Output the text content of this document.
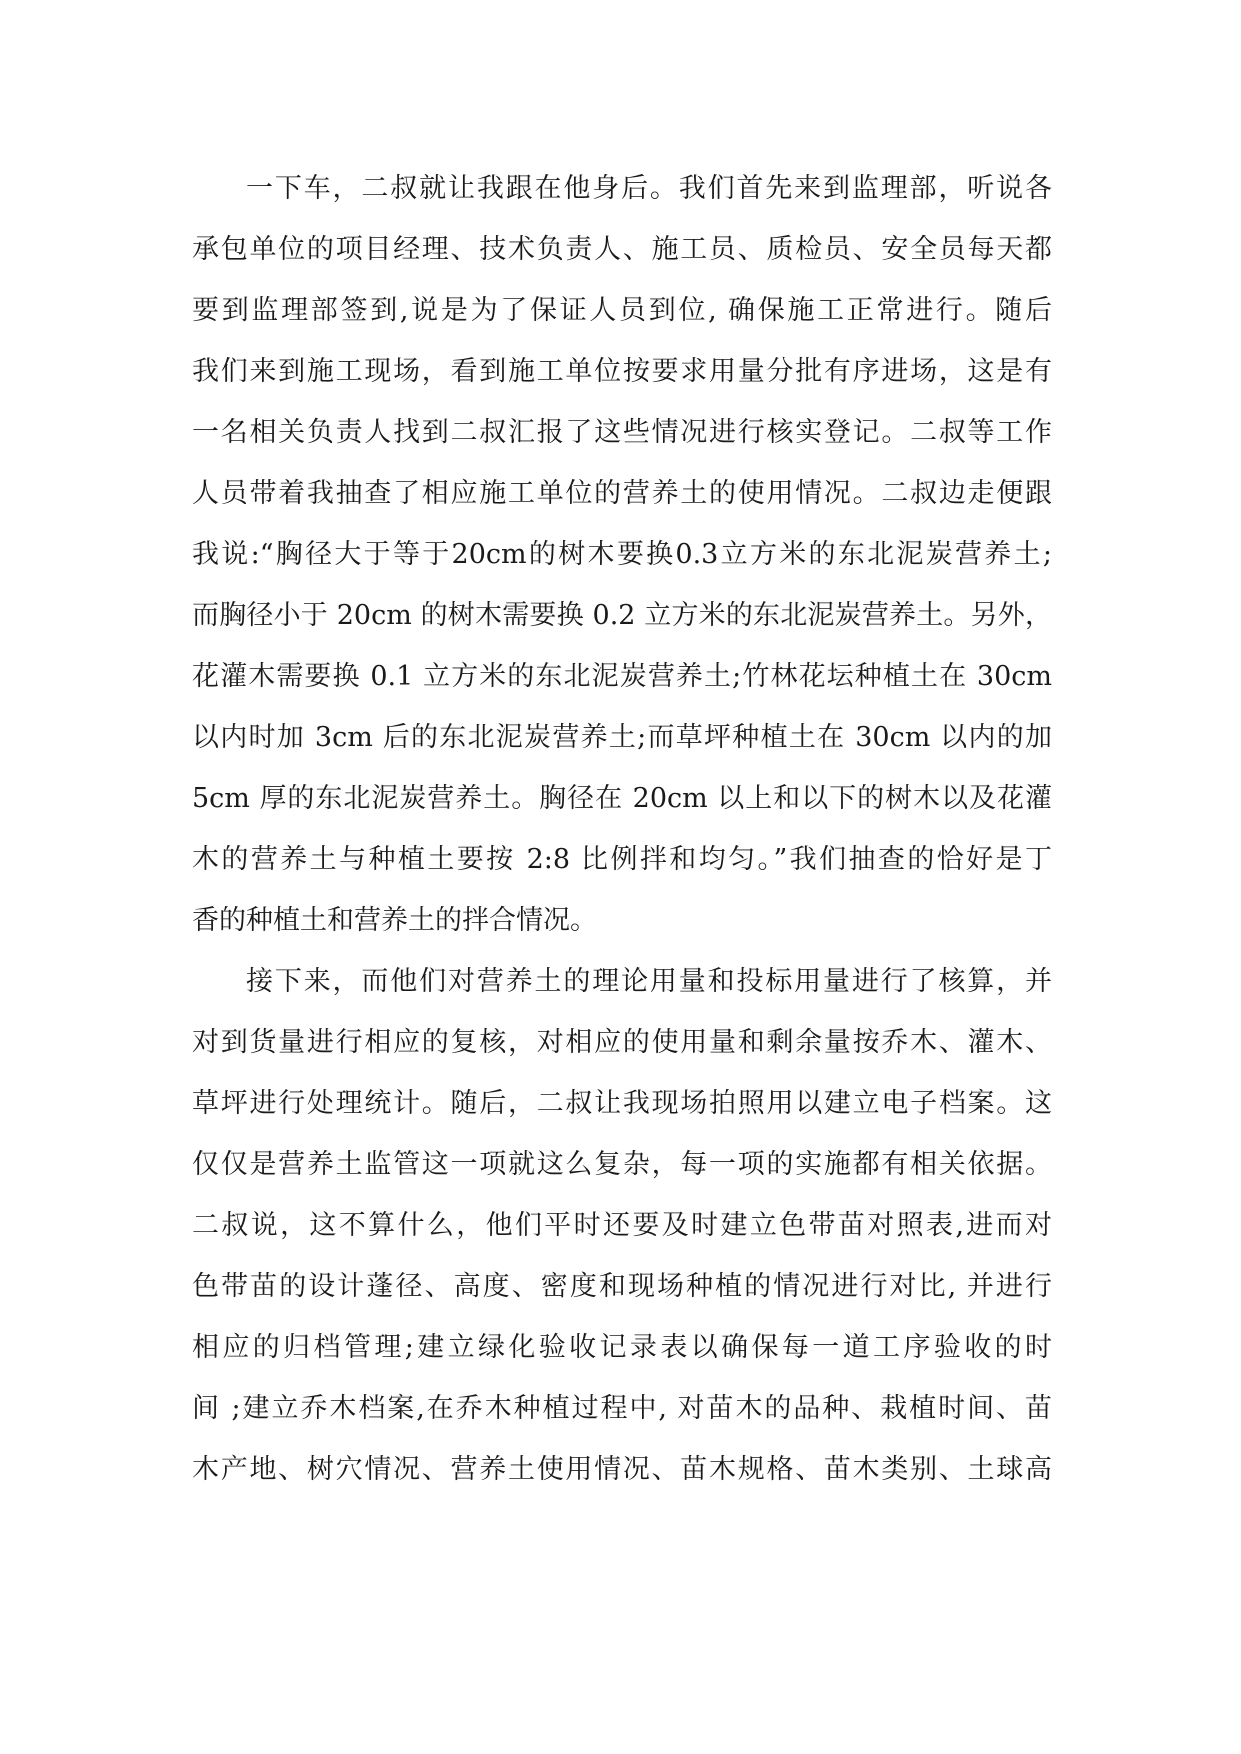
一下车，二叔就让我跟在他身后。我们首先来到监理部，听说各
承包单位的项目经理、技术负责人、施工员、质检员、安全员每天都
要到监理部签到,说是为了保证人员到位, 确保施工正常进行。随后
我们来到施工现场，看到施工单位按要求用量分批有序进场，这是有
一名相关负责人找到二叔汇报了这些情况进行核实登记。二叔等工作
人员带着我抽查了相应施工单位的营养土的使用情况。二叔边走便跟
我说:“胸径大于等于20cm的树木要换0.3立方米的东北泥炭营养土;
而胸径小于 20cm 的树木需要换 0.2 立方米的东北泥炭营养土。另外，
花灌木需要换 0.1 立方米的东北泥炭营养土;竹林花坛种植土在 30cm
以内时加 3cm 后的东北泥炭营养土;而草坪种植土在 30cm 以内的加
5cm 厚的东北泥炭营养土。胸径在 20cm 以上和以下的树木以及花灌
木的营养土与种植土要按 2:8 比例拌和均匀。”我们抽查的恰好是丁
香的种植土和营养土的拌合情况。
接下来，而他们对营养土的理论用量和投标用量进行了核算，并
对到货量进行相应的复核，对相应的使用量和剩余量按乔木、灌木、
草坪进行处理统计。随后，二叔让我现场拍照用以建立电子档案。这
仅仅是营养土监管这一项就这么复杂，每一项的实施都有相关依据。
二叔说，这不算什么，他们平时还要及时建立色带苗对照表,进而对
色带苗的设计蓬径、高度、密度和现场种植的情况进行对比, 并进行
相应的归档管理;建立绿化验收记录表以确保每一道工序验收的时
间 ;建立乔木档案,在乔木种植过程中, 对苗木的品种、栽植时间、苗
木产地、树穴情况、营养土使用情况、苗木规格、苗木类别、土球高
